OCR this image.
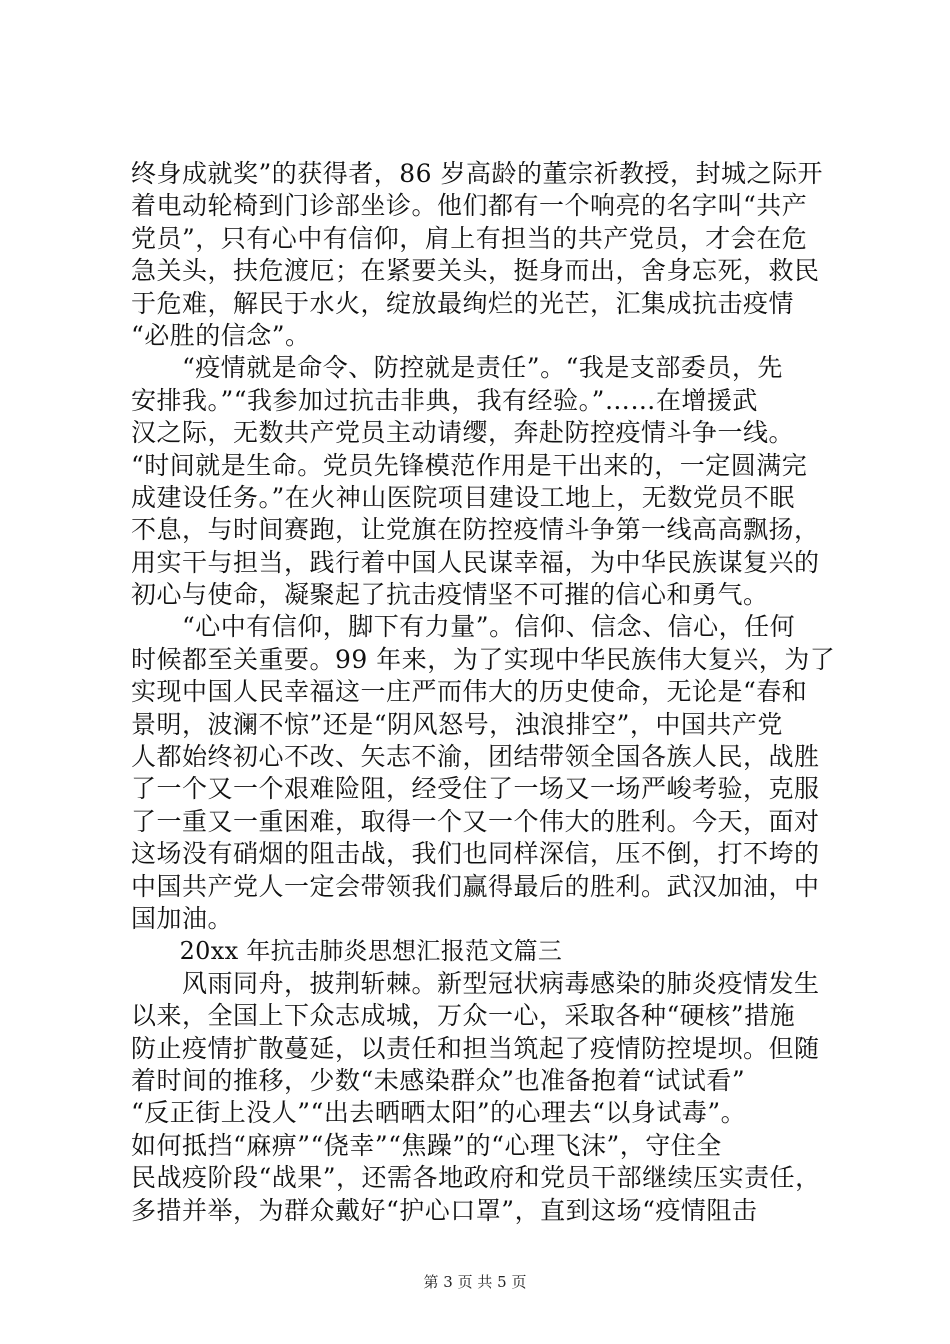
终身成就奖”的获得者，86 岁高龄的董宗祈教授，封城之际开
着电动轮椅到门诊部坐诊。他们都有一个响亮的名字叫“共产
党员”，只有心中有信仰，肩上有担当的共产党员，才会在危
急关头，扶危渡厄；在紧要关头，挺身而出，舍身忘死，救民
于危难，解民于水火，绽放最绚烂的光芒，汇集成抗击疫情
“必胜的信念”。
　　“疫情就是命令、防控就是责任”。“我是支部委员，先
安排我。”“我参加过抗击非典，我有经验。”……在增援武
汉之际，无数共产党员主动请缨，奔赴防控疫情斗争一线。
“时间就是生命。党员先锋模范作用是干出来的，一定圆满完
成建设任务。”在火神山医院项目建设工地上，无数党员不眠
不息，与时间赛跑，让党旗在防控疫情斗争第一线高高飘扬，
用实干与担当，践行着中国人民谋幸福，为中华民族谋复兴的
初心与使命，凝聚起了抗击疫情坚不可摧的信心和勇气。
　　“心中有信仰，脚下有力量”。信仰、信念、信心，任何
时候都至关重要。99 年来，为了实现中华民族伟大复兴，为了
实现中国人民幸福这一庄严而伟大的历史使命，无论是“春和
景明，波澜不惊”还是“阴风怒号，浊浪排空”，中国共产党
人都始终初心不改、矢志不渝，团结带领全国各族人民，战胜
了一个又一个艰难险阻，经受住了一场又一场严峻考验，克服
了一重又一重困难，取得一个又一个伟大的胜利。今天，面对
这场没有硝烟的阻击战，我们也同样深信，压不倒，打不垮的
中国共产党人一定会带领我们赢得最后的胜利。武汉加油，中
国加油。
　　20xx 年抗击肺炎思想汇报范文篇三
　　风雨同舟，披荆斩棘。新型冠状病毒感染的肺炎疫情发生
以来，全国上下众志成城，万众一心，采取各种“硬核”措施
防止疫情扩散蔓延，以责任和担当筑起了疫情防控堤坝。但随
着时间的推移，少数“未感染群众”也准备抱着“试试看”
“反正街上没人”“出去晒晒太阳”的心理去“以身试毒”。
如何抵挡“麻痹”“侥幸”“焦躁”的“心理飞沫”，守住全
民战疫阶段“战果”，还需各地政府和党员干部继续压实责任，
多措并举，为群众戴好“护心口罩”，直到这场“疫情阻击
第 3 页 共 5 页
